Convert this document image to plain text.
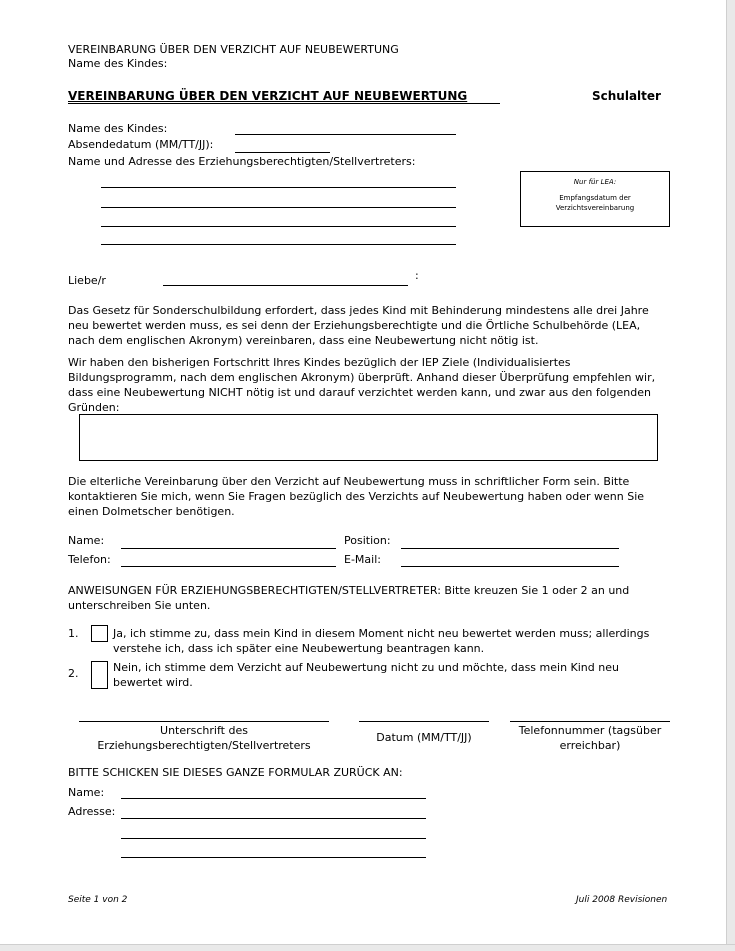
VEREINBARUNG ÜBER DEN VERZICHT AUF NEUBEWERTUNG
Name des Kindes:
VEREINBARUNG ÜBER DEN VERZICHT AUF NEUBEWERTUNG	Schulalter
Name des Kindes:
Absendedatum (MM/TT/JJ):
Name und Adresse des Erziehungsberechtigten/Stellvertreters:
Nur für LEA:
Empfangsdatum der Verzichtsvereinbarung
Liebe/r	:
Das Gesetz für Sonderschulbildung erfordert, dass jedes Kind mit Behinderung mindestens alle drei Jahre neu bewertet werden muss, es sei denn der Erziehungsberechtigte und die Örtliche Schulbehörde (LEA, nach dem englischen Akronym) vereinbaren, dass eine Neubewertung nicht nötig ist.
Wir haben den bisherigen Fortschritt Ihres Kindes bezüglich der IEP Ziele (Individualisiertes Bildungsprogramm, nach dem englischen Akronym) überprüft. Anhand dieser Überprüfung empfehlen wir, dass eine Neubewertung NICHT nötig ist und darauf verzichtet werden kann, und zwar aus den folgenden Gründen:
Die elterliche Vereinbarung über den Verzicht auf Neubewertung muss in schriftlicher Form sein. Bitte kontaktieren Sie mich, wenn Sie Fragen bezüglich des Verzichts auf Neubewertung haben oder wenn Sie einen Dolmetscher benötigen.
Name:	Position:
Telefon:	E-Mail:
ANWEISUNGEN FÜR ERZIEHUNGSBERECHTIGTEN/STELLVERTRETER: Bitte kreuzen Sie 1 oder 2 an und unterschreiben Sie unten.
1.	Ja, ich stimme zu, dass mein Kind in diesem Moment nicht neu bewertet werden muss; allerdings verstehe ich, dass ich später eine Neubewertung beantragen kann.
2.	Nein, ich stimme dem Verzicht auf Neubewertung nicht zu und möchte, dass mein Kind neu bewertet wird.
Unterschrift des Erziehungsberechtigten/Stellvertreters
Datum (MM/TT/JJ)
Telefonnummer (tagsüber erreichbar)
BITTE SCHICKEN SIE DIESES GANZE FORMULAR ZURÜCK AN:
Name:
Adresse:
Seite 1 von 2	Juli 2008 Revisionen
